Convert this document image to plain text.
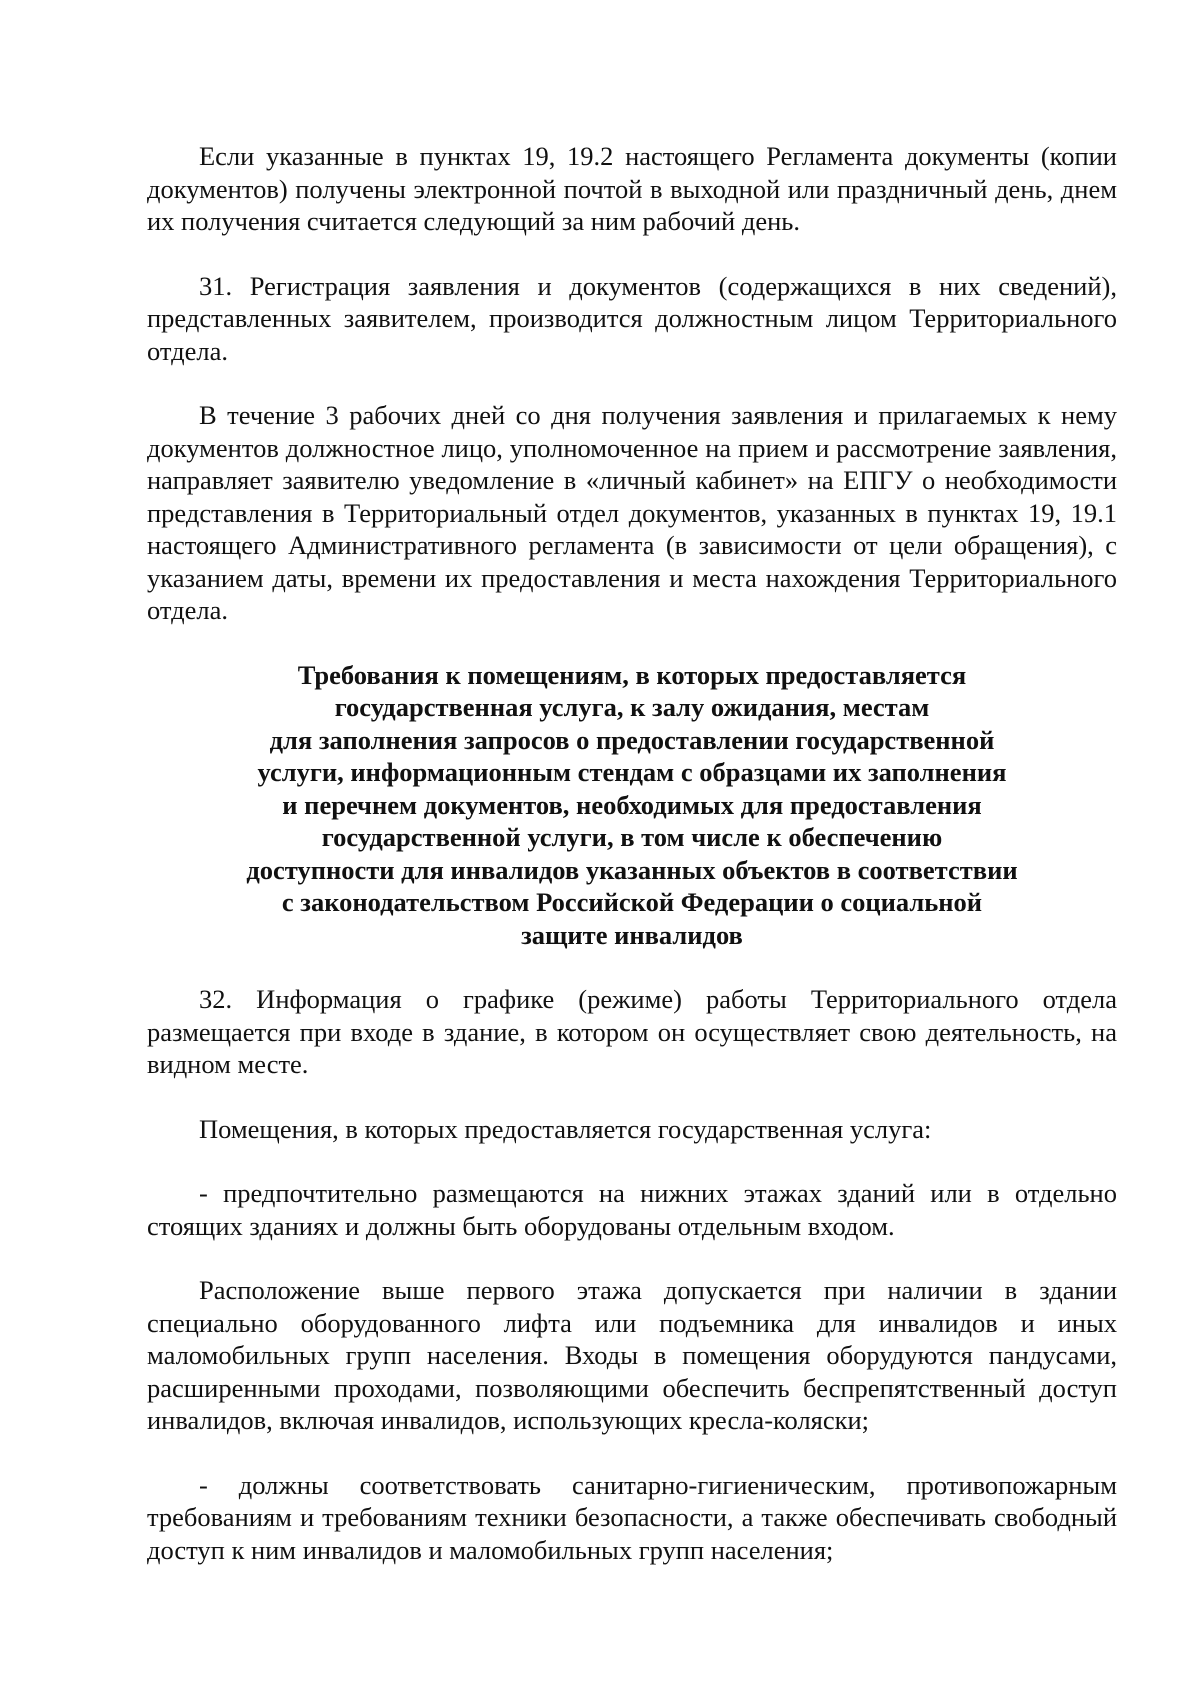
Если указанные в пунктах 19, 19.2 настоящего Регламента документы (копии документов) получены электронной почтой в выходной или праздничный день, днем их получения считается следующий за ним рабочий день.

31. Регистрация заявления и документов (содержащихся в них сведений), представленных заявителем, производится должностным лицом Территориального отдела.

В течение 3 рабочих дней со дня получения заявления и прилагаемых к нему документов должностное лицо, уполномоченное на прием и рассмотрение заявления, направляет заявителю уведомление в «личный кабинет» на ЕПГУ о необходимости представления в Территориальный отдел документов, указанных в пунктах 19, 19.1 настоящего Административного регламента (в зависимости от цели обращения), с указанием даты, времени их предоставления и места нахождения Территориального отдела.

Требования к помещениям, в которых предоставляется
государственная услуга, к залу ожидания, местам
для заполнения запросов о предоставлении государственной
услуги, информационным стендам с образцами их заполнения
и перечнем документов, необходимых для предоставления
государственной услуги, в том числе к обеспечению
доступности для инвалидов указанных объектов в соответствии
с законодательством Российской Федерации о социальной
защите инвалидов

32. Информация о графике (режиме) работы Территориального отдела размещается при входе в здание, в котором он осуществляет свою деятельность, на видном месте.

Помещения, в которых предоставляется государственная услуга:

- предпочтительно размещаются на нижних этажах зданий или в отдельно стоящих зданиях и должны быть оборудованы отдельным входом.

Расположение выше первого этажа допускается при наличии в здании специально оборудованного лифта или подъемника для инвалидов и иных маломобильных групп населения. Входы в помещения оборудуются пандусами, расширенными проходами, позволяющими обеспечить беспрепятственный доступ инвалидов, включая инвалидов, использующих кресла-коляски;

- должны соответствовать санитарно-гигиеническим, противопожарным требованиям и требованиям техники безопасности, а также обеспечивать свободный доступ к ним инвалидов и маломобильных групп населения;
